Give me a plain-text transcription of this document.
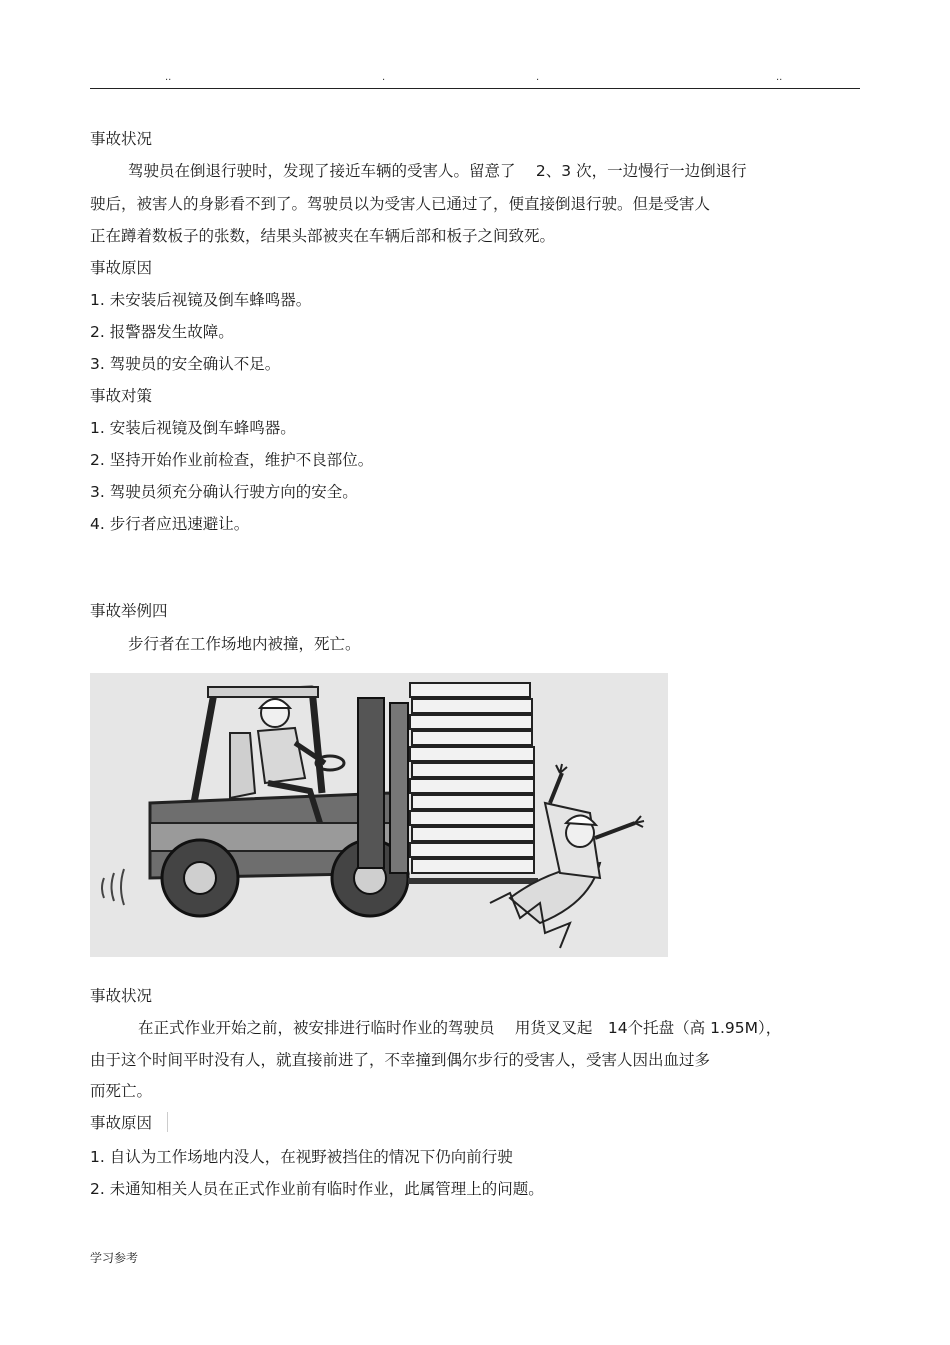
..	.	.	..
事故状况
驾驶员在倒退行驶时，发现了接近车辆的受害人。留意了　 2、3 次，一边慢行一边倒退行
驶后，被害人的身影看不到了。驾驶员以为受害人已通过了，便直接倒退行驶。但是受害人
正在蹲着数板子的张数，结果头部被夹在车辆后部和板子之间致死。
事故原因
1. 未安装后视镜及倒车蜂鸣器。
2. 报警器发生故障。
3. 驾驶员的安全确认不足。
事故对策
1. 安装后视镜及倒车蜂鸣器。
2. 坚持开始作业前检查，维护不良部位。
3. 驾驶员须充分确认行驶方向的安全。
4. 步行者应迅速避让。
事故举例四
步行者在工作场地内被撞，死亡。
事故状况
在正式作业开始之前，被安排进行临时作业的驾驶员　 用货叉叉起　14个托盘（高 1.95M），
由于这个时间平时没有人，就直接前进了，不幸撞到偶尔步行的受害人，受害人因出血过多
而死亡。
事故原因
1. 自认为工作场地内没人，在视野被挡住的情况下仍向前行驶
2. 未通知相关人员在正式作业前有临时作业，此属管理上的问题。
学习参考
